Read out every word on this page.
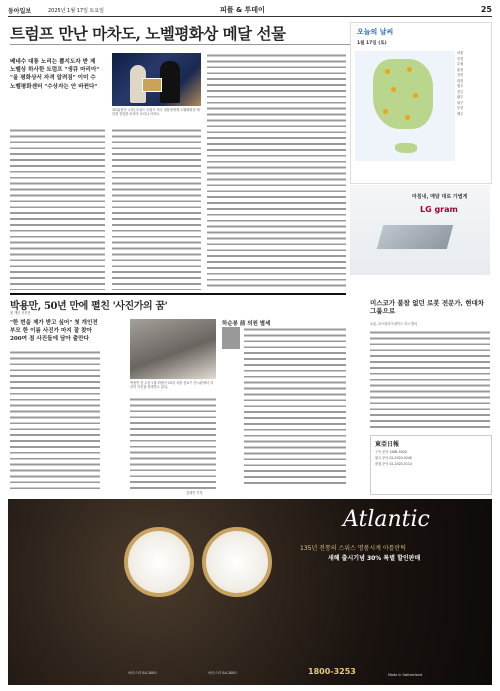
동아일보	2025년 1월 17일 토요일	피플 & 투데이	25
트럼프 만난 마차도, 노벨평화상 메달 선물
베네수 대통 노리는 뽑지도자 받 제
노벨상 하사한 트럼프 "생큐 마리아"
"올 평화상서 자격 알려짐" 이미 수
노벨평화센터 "수상자는 안 바뀐다"
15일(현지 시각) 도널드 트럼프 미국 대통령에게 노벨평화상 메달을 전달한 마리아 코리나 마차도.
오늘의 날씨
1월 17일 (토)
서울
인천
수원
춘천
강릉
대전
청주
전주
광주
대구
부산
제주
마침내, 매달 대로 가볍게
LG gram
박용만, 50년 만에 펼친 '사진가의 꿈'
첫 개인 사진전
"한 번을 제가 받고 싶어" 첫 개인전
부모 한 이름 사진가 마지 잘 찾아
200여 점 사진들에 담아 출만다
박용만 전 두산그룹 회장이 15일 서울 종로구 전시관에서 자신의 사진을 설명하고 있다.
김태언 기자
하순봉 前 의원 별세
미스코가 불참 없던 로봇 전문가, 현대차그룹으로
로봇, 보스턴다이내믹스 지시 발어
東亞日報
구독 문의 1588-5000
광고 문의 02-2020-0240
편집 문의 02-2020-0114
Atlantic
135년 전통의 스위스 명품시계 아틀란틱
새해 출시기념 30% 특별 할인판매
씨마스터 SA-3000	씨마스터 SA-3000	1800-3253	Made in Switzerland
